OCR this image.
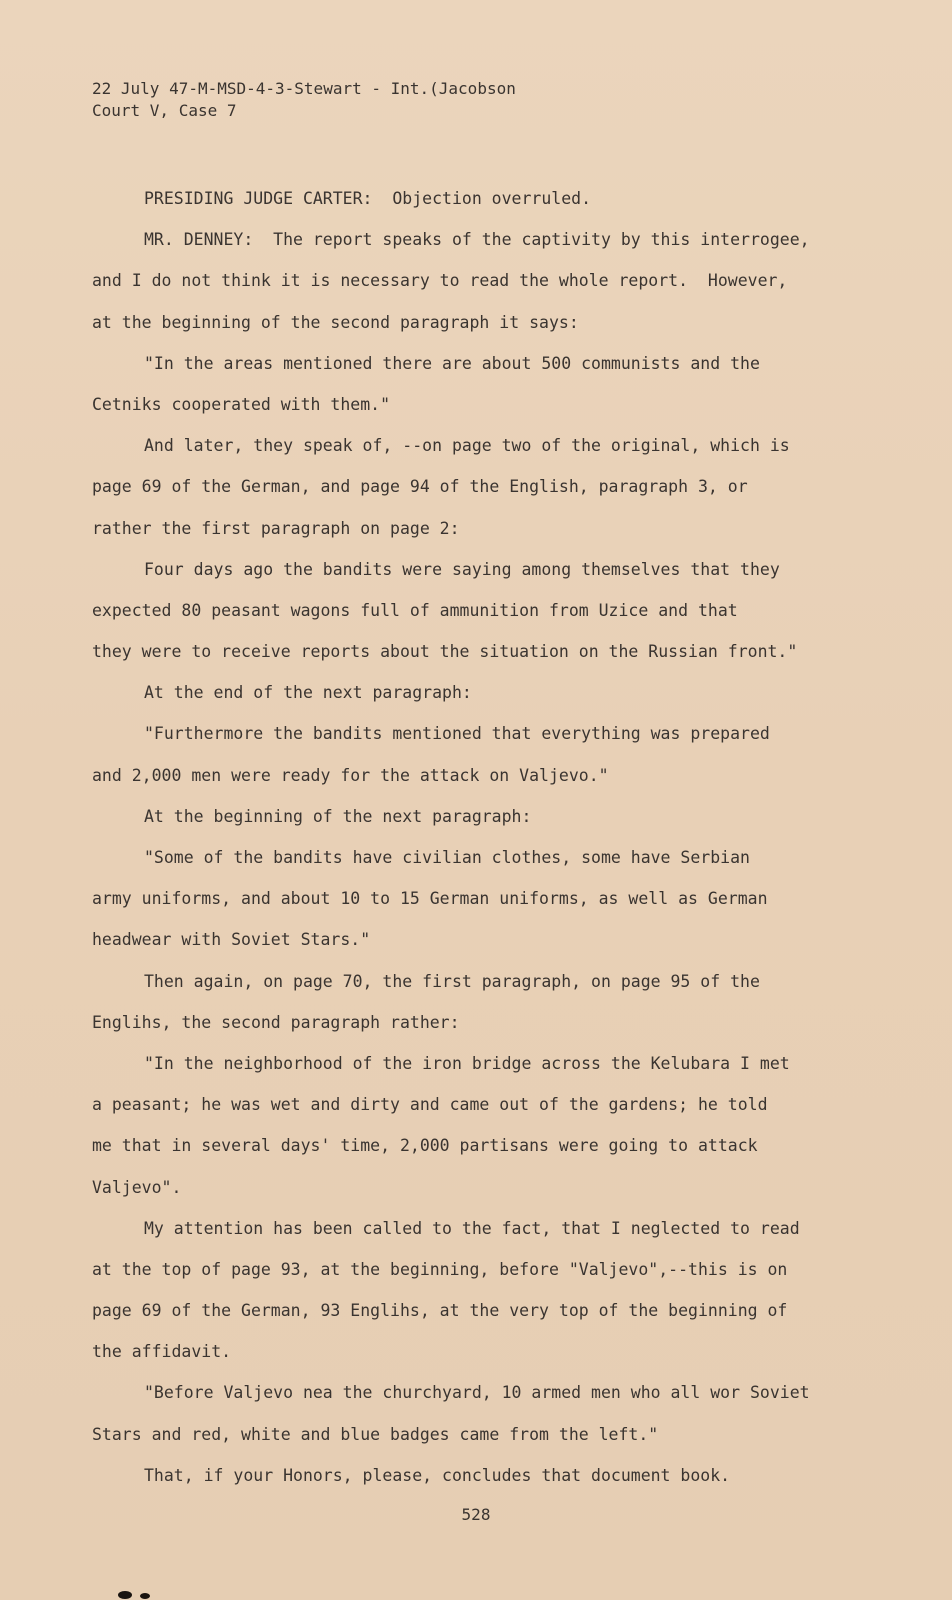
22 July 47-M-MSD-4-3-Stewart - Int.(Jacobson
Court V, Case 7
PRESIDING JUDGE CARTER:  Objection overruled.
MR. DENNEY:  The report speaks of the captivity by this interrogee,
and I do not think it is necessary to read the whole report.  However,
at the beginning of the second paragraph it says:
"In the areas mentioned there are about 500 communists and the
Cetniks cooperated with them."
And later, they speak of, --on page two of the original, which is
page 69 of the German, and page 94 of the English, paragraph 3, or
rather the first paragraph on page 2:
Four days ago the bandits were saying among themselves that they
expected 80 peasant wagons full of ammunition from Uzice and that
they were to receive reports about the situation on the Russian front."
At the end of the next paragraph:
"Furthermore the bandits mentioned that everything was prepared
and 2,000 men were ready for the attack on Valjevo."
At the beginning of the next paragraph:
"Some of the bandits have civilian clothes, some have Serbian
army uniforms, and about 10 to 15 German uniforms, as well as German
headwear with Soviet Stars."
Then again, on page 70, the first paragraph, on page 95 of the
Englihs, the second paragraph rather:
"In the neighborhood of the iron bridge across the Kelubara I met
a peasant; he was wet and dirty and came out of the gardens; he told
me that in several days' time, 2,000 partisans were going to attack
Valjevo".
My attention has been called to the fact, that I neglected to read
at the top of page 93, at the beginning, before "Valjevo",--this is on
page 69 of the German, 93 Englihs, at the very top of the beginning of
the affidavit.
"Before Valjevo nea the churchyard, 10 armed men who all wor Soviet
Stars and red, white and blue badges came from the left."
That, if your Honors, please, concludes that document book.
528
